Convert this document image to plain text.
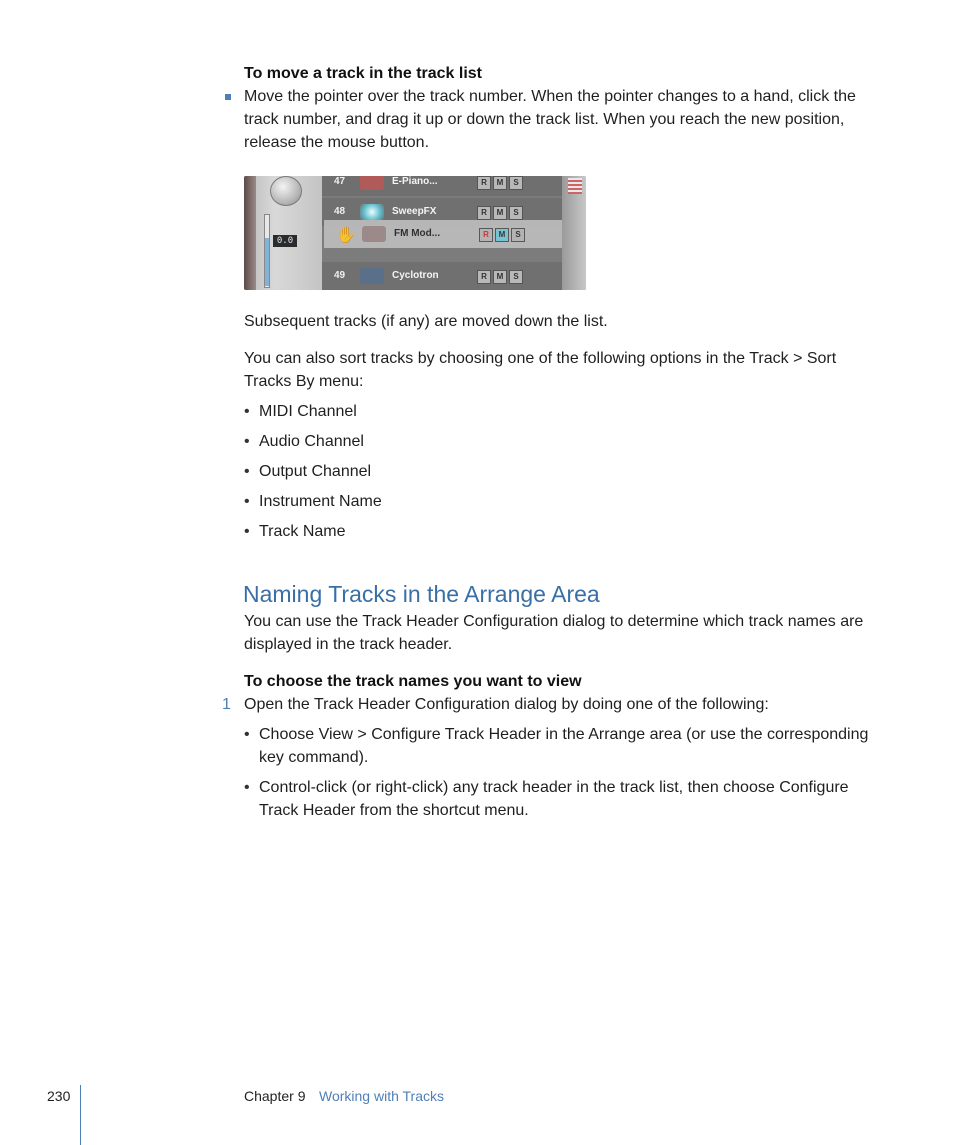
To move a track in the track list
Move the pointer over the track number. When the pointer changes to a hand, click the track number, and drag it up or down the track list. When you reach the new position, release the mouse button.
0.0
47	E-Piano...	R	M	S
48	SweepFX	R	M	S
✋	FM Mod...	R	M	S
49	Cyclotron	R	M	S
Subsequent tracks (if any) are moved down the list.
You can also sort tracks by choosing one of the following options in the Track > Sort Tracks By menu:
• MIDI Channel
• Audio Channel
• Output Channel
• Instrument Name
• Track Name
Naming Tracks in the Arrange Area
You can use the Track Header Configuration dialog to determine which track names are displayed in the track header.
To choose the track names you want to view
1 Open the Track Header Configuration dialog by doing one of the following:
• Choose View > Configure Track Header in the Arrange area (or use the corresponding key command).
• Control-click (or right-click) any track header in the track list, then choose Configure Track Header from the shortcut menu.
230	Chapter 9 Working with Tracks
